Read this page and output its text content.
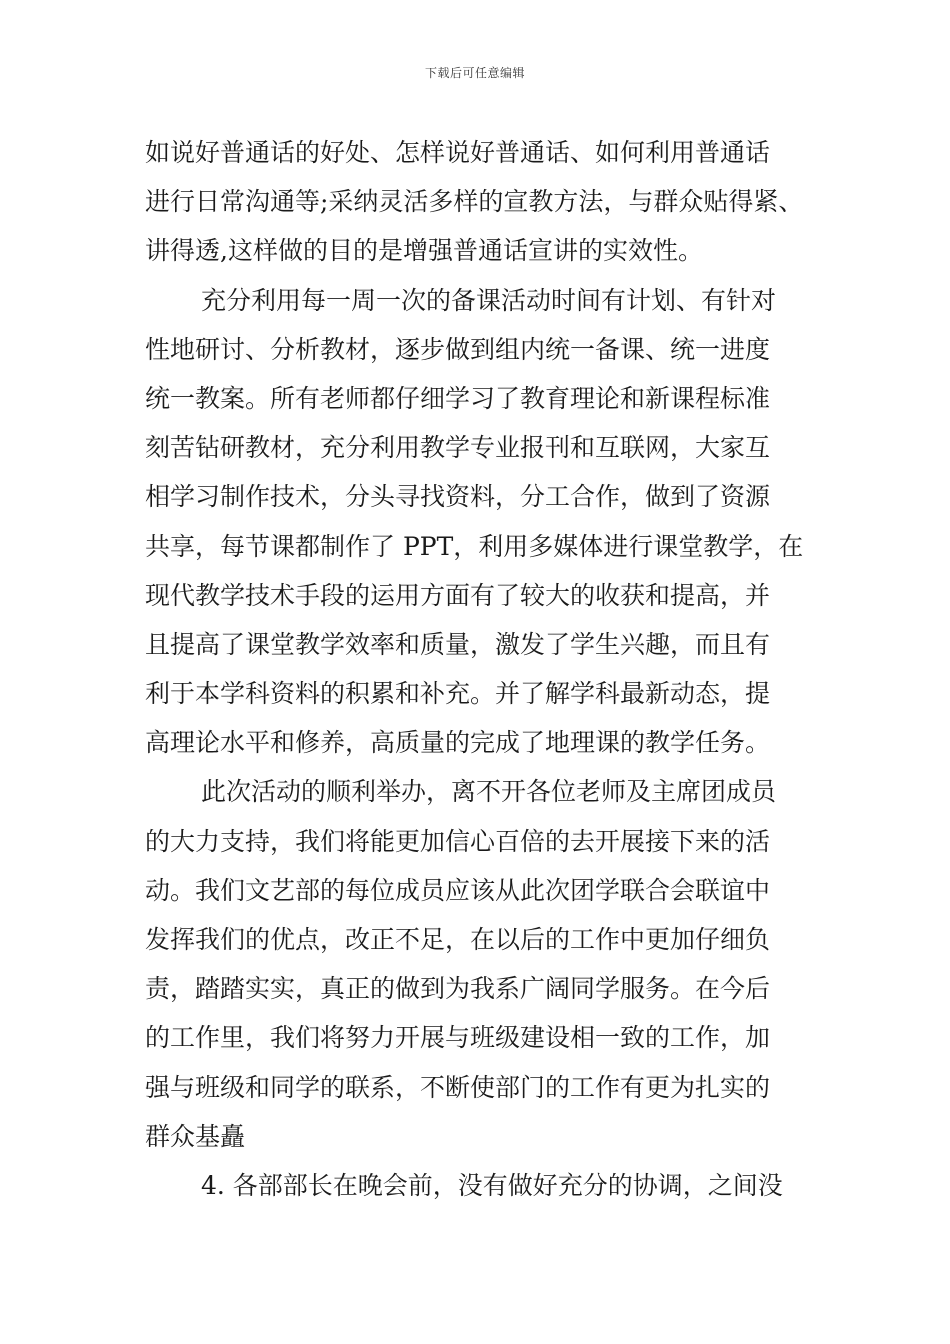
下载后可任意编辑
如说好普通话的好处、怎样说好普通话、如何利用普通话
进行日常沟通等;采纳灵活多样的宣教方法，与群众贴得紧、
讲得透,这样做的目的是增强普通话宣讲的实效性。
充分利用每一周一次的备课活动时间有计划、有针对
性地研讨、分析教材，逐步做到组内统一备课、统一进度
统一教案。所有老师都仔细学习了教育理论和新课程标准
刻苦钻研教材，充分利用教学专业报刊和互联网，大家互
相学习制作技术，分头寻找资料，分工合作，做到了资源
共享，每节课都制作了 PPT，利用多媒体进行课堂教学，在
现代教学技术手段的运用方面有了较大的收获和提高，并
且提高了课堂教学效率和质量，激发了学生兴趣，而且有
利于本学科资料的积累和补充。并了解学科最新动态，提
高理论水平和修养，高质量的完成了地理课的教学任务。
此次活动的顺利举办，离不开各位老师及主席团成员
的大力支持，我们将能更加信心百倍的去开展接下来的活
动。我们文艺部的每位成员应该从此次团学联合会联谊中
发挥我们的优点，改正不足，在以后的工作中更加仔细负
责，踏踏实实，真正的做到为我系广阔同学服务。在今后
的工作里，我们将努力开展与班级建设相一致的工作，加
强与班级和同学的联系，不断使部门的工作有更为扎实的
群众基矗
4. 各部部长在晚会前，没有做好充分的协调，之间没
